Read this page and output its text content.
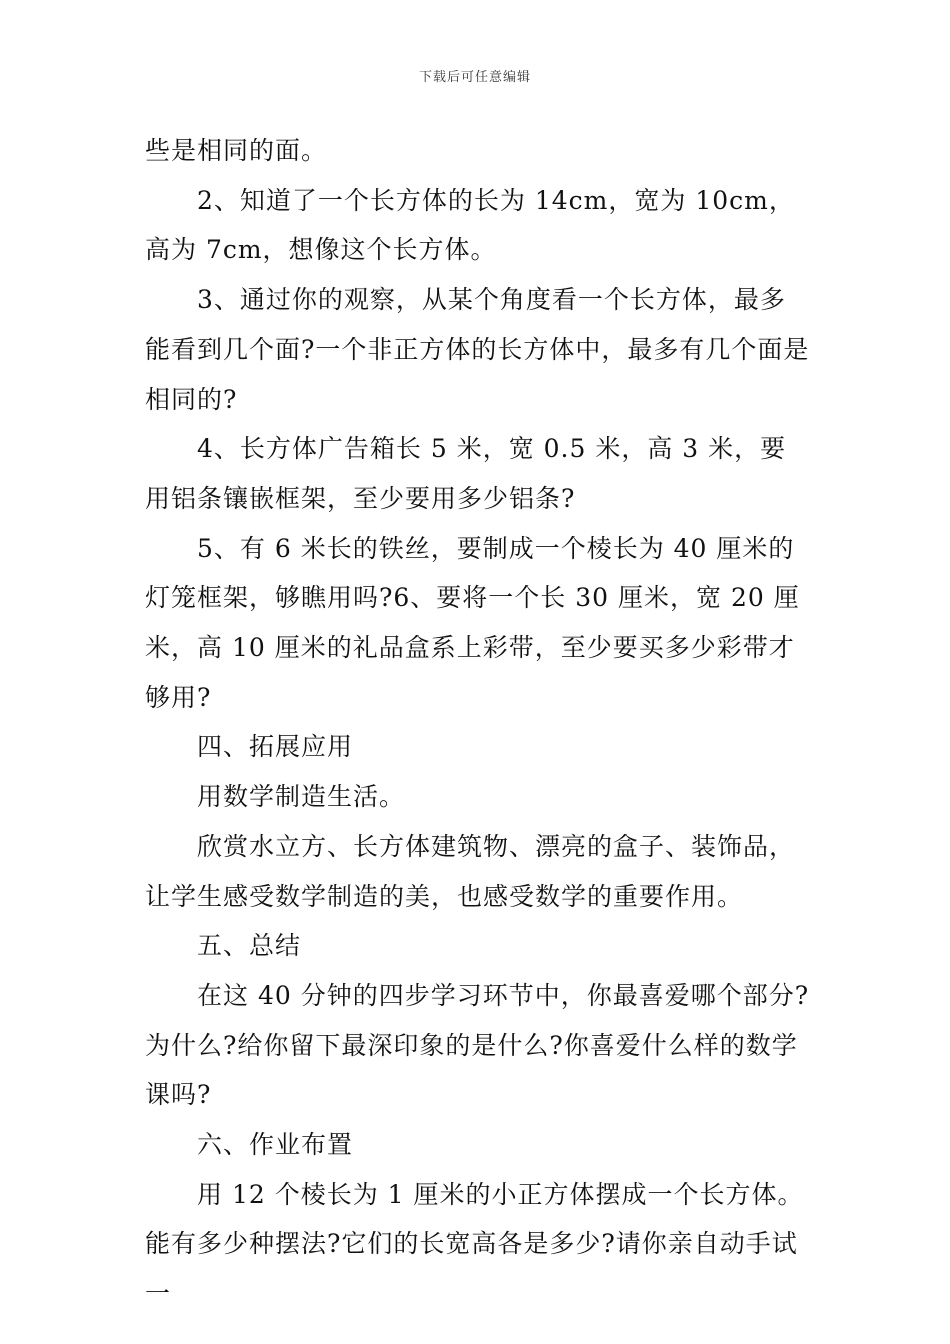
下载后可任意编辑

些是相同的面。

2、知道了一个长方体的长为 14cm，宽为 10cm，高为 7cm，想像这个长方体。

3、通过你的观察，从某个角度看一个长方体，最多能看到几个面?一个非正方体的长方体中，最多有几个面是相同的?

4、长方体广告箱长 5 米，宽 0.5 米，高 3 米，要用铝条镶嵌框架，至少要用多少铝条?

5、有 6 米长的铁丝，要制成一个棱长为 40 厘米的灯笼框架，够瞧用吗?6、要将一个长 30 厘米，宽 20 厘米，高 10 厘米的礼品盒系上彩带，至少要买多少彩带才够用?

四、拓展应用

用数学制造生活。

欣赏水立方、长方体建筑物、漂亮的盒子、装饰品，让学生感受数学制造的美，也感受数学的重要作用。

五、总结

在这 40 分钟的四步学习环节中，你最喜爱哪个部分?为什么?给你留下最深印象的是什么?你喜爱什么样的数学课吗?

六、作业布置

用 12 个棱长为 1 厘米的小正方体摆成一个长方体。能有多少种摆法?它们的长宽高各是多少?请你亲自动手试一
